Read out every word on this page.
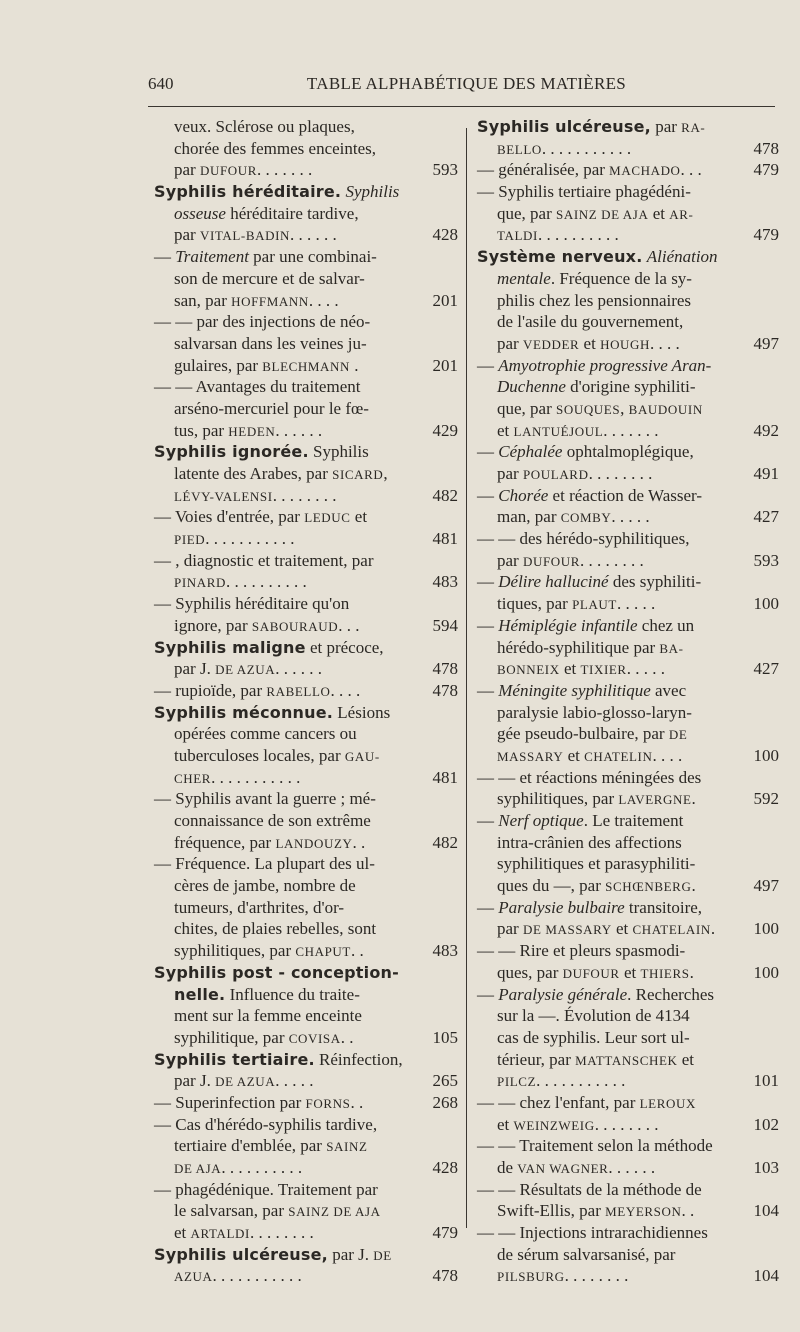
640	TABLE ALPHABÉTIQUE DES MATIÈRES
veux. Sclérose ou plaques,
chorée des femmes enceintes,
par DUFOUR. . . . . . .	593
Syphilis héréditaire. Syphilis
osseuse héréditaire tardive,
par VITAL-BADIN. . . . . .	428
— Traitement par une combinai-
son de mercure et de salvar-
san, par HOFFMANN. . . .	201
— — par des injections de néo-
salvarsan dans les veines ju-
gulaires, par BLECHMANN .	201
— — Avantages du traitement
arséno-mercuriel pour le fœ-
tus, par HEDEN. . . . . .	429
Syphilis ignorée. Syphilis
latente des Arabes, par SICARD,
LÉVY-VALENSI. . . . . . . .	482
— Voies d'entrée, par LEDUC et
PIED. . . . . . . . . . .	481
— , diagnostic et traitement, par
PINARD. . . . . . . . . .	483
— Syphilis héréditaire qu'on
ignore, par SABOURAUD. . .	594
Syphilis maligne et précoce,
par J. DE AZUA. . . . . .	478
— rupioïde, par RABELLO. . . .	478
Syphilis méconnue. Lésions
opérées comme cancers ou
tuberculoses locales, par GAU-
CHER. . . . . . . . . . .	481
— Syphilis avant la guerre ; mé-
connaissance de son extrême
fréquence, par LANDOUZY. .	482
— Fréquence. La plupart des ul-
cères de jambe, nombre de
tumeurs, d'arthrites, d'or-
chites, de plaies rebelles, sont
syphilitiques, par CHAPUT. .	483
Syphilis post - conception-
nelle. Influence du traite-
ment sur la femme enceinte
syphilitique, par COVISA. .	105
Syphilis tertiaire. Réinfection,
par J. DE AZUA. . . . .	265
— Superinfection par FORNS. .	268
— Cas d'hérédo-syphilis tardive,
tertiaire d'emblée, par SAINZ
DE AJA. . . . . . . . . .	428
— phagédénique. Traitement par
le salvarsan, par SAINZ DE AJA
et ARTALDI. . . . . . . .	479
Syphilis ulcéreuse, par J. DE
AZUA. . . . . . . . . . .	478
Syphilis ulcéreuse, par RA-
BELLO. . . . . . . . . . .	478
— généralisée, par MACHADO. . .	479
— Syphilis tertiaire phagédéni-
que, par SAINZ DE AJA et AR-
TALDI. . . . . . . . . .	479
Système nerveux. Aliénation
mentale. Fréquence de la sy-
philis chez les pensionnaires
de l'asile du gouvernement,
par VEDDER et HOUGH. . . .	497
— Amyotrophie progressive Aran-
Duchenne d'origine syphiliti-
que, par SOUQUES, BAUDOUIN
et LANTUÉJOUL. . . . . . .	492
— Céphalée ophtalmoplégique,
par POULARD. . . . . . . .	491
— Chorée et réaction de Wasser-
man, par COMBY. . . . .	427
— — des hérédo-syphilitiques,
par DUFOUR. . . . . . . .	593
— Délire halluciné des syphiliti-
tiques, par PLAUT. . . . .	100
— Hémiplégie infantile chez un
hérédo-syphilitique par BA-
BONNEIX et TIXIER. . . . .	427
— Méningite syphilitique avec
paralysie labio-glosso-laryn-
gée pseudo-bulbaire, par DE
MASSARY et CHATELIN. . . .	100
— — et réactions méningées des
syphilitiques, par LAVERGNE.	592
— Nerf optique. Le traitement
intra-crânien des affections
syphilitiques et parasyphiliti-
ques du —, par SCHŒNBERG.	497
— Paralysie bulbaire transitoire,
par DE MASSARY et CHATELAIN. 100
— — Rire et pleurs spasmodi-
ques, par DUFOUR et THIERS.	100
— Paralysie générale. Recherches
sur la —. Évolution de 4134
cas de syphilis. Leur sort ul-
térieur, par MATTANSCHEK et
PILCZ. . . . . . . . . . .	101
— — chez l'enfant, par LEROUX
et WEINZWEIG. . . . . . . .	102
— — Traitement selon la méthode
de VAN WAGNER. . . . . .	103
— — Résultats de la méthode de
Swift-Ellis, par MEYERSON. .	104
— — Injections intrarachidiennes
de sérum salvarsanisé, par
PILSBURG. . . . . . . .	104
